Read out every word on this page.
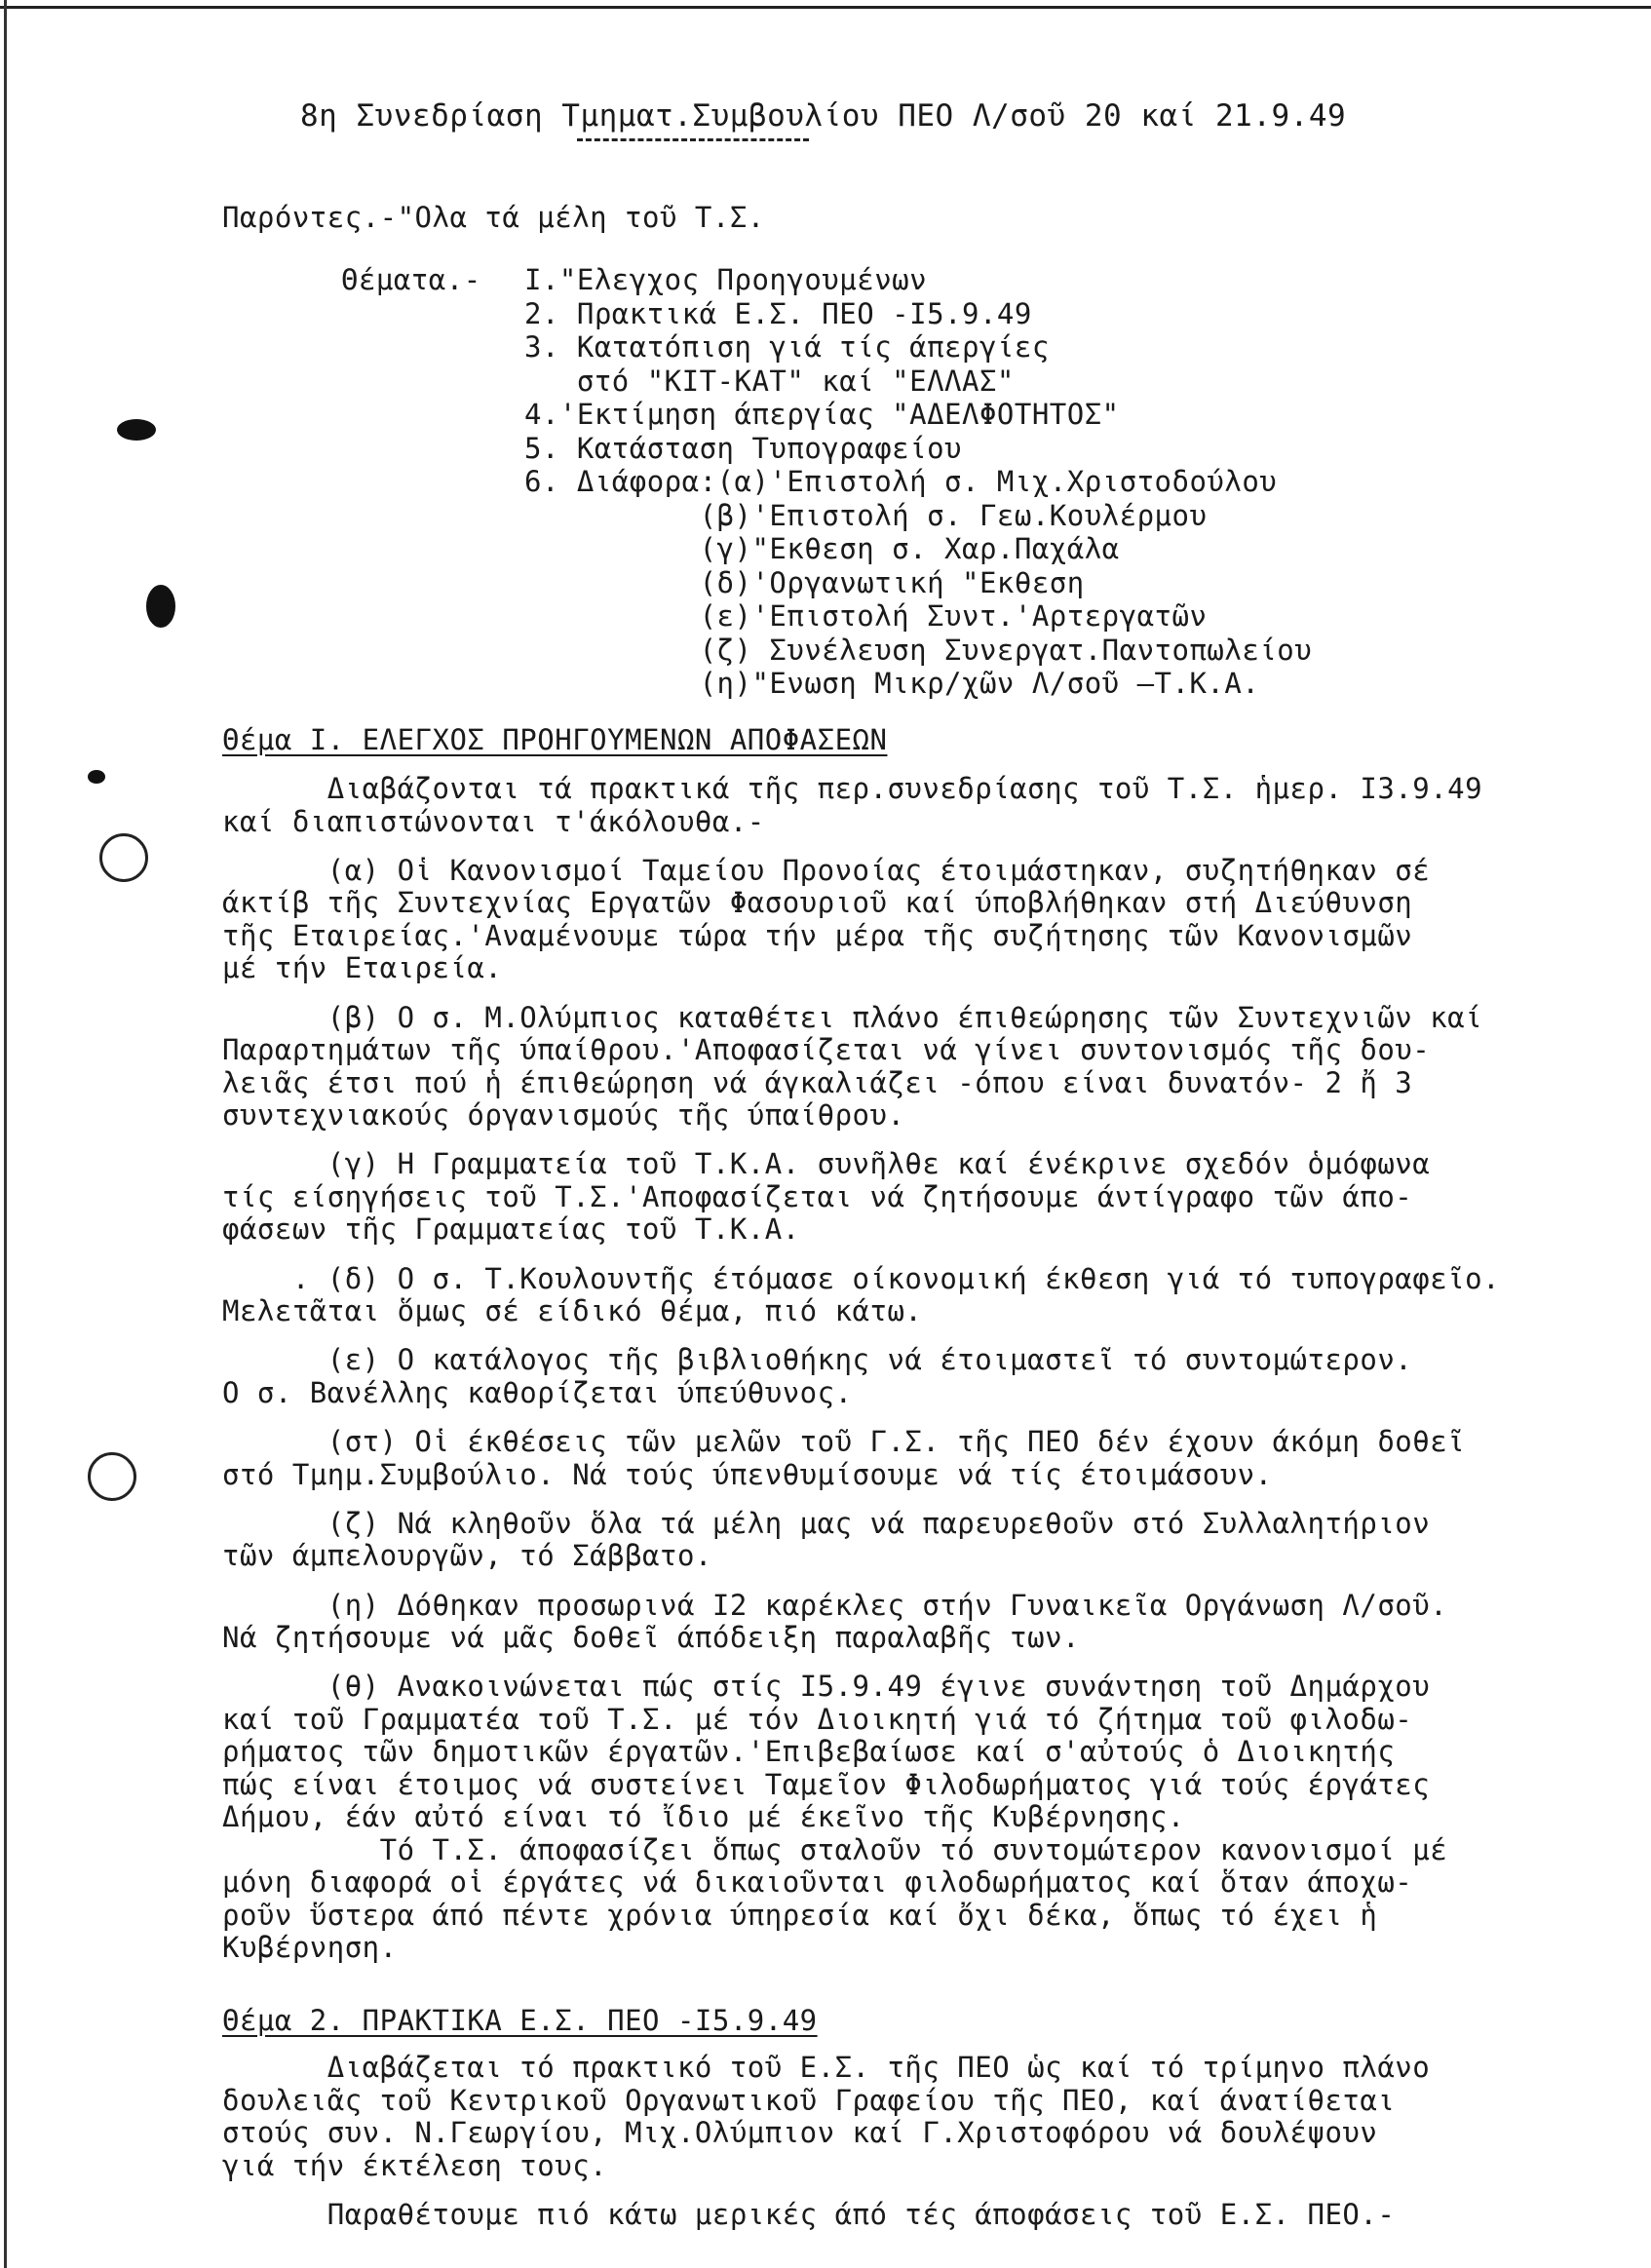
8η Συνεδρίαση Τμηματ.Συμβουλίου ΠΕΟ Λ/σοῦ 20 καί 21.9.49
Παρόντες.-"Ολα τά μέλη τοῦ Τ.Σ.
Θέματα.- Ι."Ελεγχος Προηγουμένων
2. Πρακτικά Ε.Σ. ΠΕΟ -Ι5.9.49
3. Κατατόπιση γιά τίς άπεργίες
στό "ΚΙΤ-ΚΑΤ" καί "ΕΛΛΑΣ"
4.'Εκτίμηση άπεργίας "ΑΔΕΛΦΟΤΗΤΟΣ"
5. Κατάσταση Τυπογραφείου
6. Διάφορα:(α)'Επιστολή σ. Μιχ.Χριστοδούλου
(β)'Επιστολή σ. Γεω.Κουλέρμου
(γ)"Εκθεση σ. Χαρ.Παχάλα
(δ)'Οργανωτική "Εκθεση
(ε)'Επιστολή Συντ.'Αρτεργατῶν
(ζ) Συνέλευση Συνεργατ.Παντοπωλείου
(η)"Ενωση Μικρ/χῶν Λ/σοῦ —Τ.Κ.Α.
Θέμα Ι. ΕΛΕΓΧΟΣ ΠΡΟΗΓΟΥΜΕΝΩΝ ΑΠΟΦΑΣΕΩΝ
Διαβάζονται τά πρακτικά τῆς περ.συνεδρίασης τοῦ Τ.Σ. ἡμερ. Ι3.9.49
καί διαπιστώνονται τ'άκόλουθα.-
(α) Οἱ Κανονισμοί Ταμείου Προνοίας έτοιμάστηκαν, συζητήθηκαν σέ
άκτίβ τῆς Συντεχνίας Εργατῶν Φασουριοῦ καί ύποβλήθηκαν στή Διεύθυνση
τῆς Εταιρείας.'Αναμένουμε τώρα τήν μέρα τῆς συζήτησης τῶν Κανονισμῶν
μέ τήν Εταιρεία.
(β) Ο σ. Μ.Ολύμπιος καταθέτει πλάνο έπιθεώρησης τῶν Συντεχνιῶν καί
Παραρτημάτων τῆς ύπαίθρου.'Αποφασίζεται νά γίνει συντονισμός τῆς δου-
λειᾶς έτσι πού ἡ έπιθεώρηση νά άγκαλιάζει -όπου είναι δυνατόν- 2 ἤ 3
συντεχνιακούς όργανισμούς τῆς ύπαίθρου.
(γ) Η Γραμματεία τοῦ Τ.Κ.Α. συνῆλθε καί ένέκρινε σχεδόν ὁμόφωνα
τίς είσηγήσεις τοῦ Τ.Σ.'Αποφασίζεται νά ζητήσουμε άντίγραφο τῶν άπο-
φάσεων τῆς Γραμματείας τοῦ Τ.Κ.Α.
. (δ) Ο σ. Τ.Κουλουντῆς έτόμασε οίκονομική έκθεση γιά τό τυπογραφεῖο.
Μελετᾶται ὅμως σέ είδικό θέμα, πιό κάτω.
(ε) Ο κατάλογος τῆς βιβλιοθήκης νά έτοιμαστεῖ τό συντομώτερον.
Ο σ. Βανέλλης καθορίζεται ύπεύθυνος.
(στ) Οἱ έκθέσεις τῶν μελῶν τοῦ Γ.Σ. τῆς ΠΕΟ δέν έχουν άκόμη δοθεῖ
στό Τμημ.Συμβούλιο. Νά τούς ύπενθυμίσουμε νά τίς έτοιμάσουν.
(ζ) Νά κληθοῦν ὅλα τά μέλη μας νά παρευρεθοῦν στό Συλλαλητήριον
τῶν άμπελουργῶν, τό Σάββατο.
(η) Δόθηκαν προσωρινά Ι2 καρέκλες στήν Γυναικεῖα Οργάνωση Λ/σοῦ.
Νά ζητήσουμε νά μᾶς δοθεῖ άπόδειξη παραλαβῆς των.
(θ) Ανακοινώνεται πώς στίς Ι5.9.49 έγινε συνάντηση τοῦ Δημάρχου
καί τοῦ Γραμματέα τοῦ Τ.Σ. μέ τόν Διοικητή γιά τό ζήτημα τοῦ φιλοδω-
ρήματος τῶν δημοτικῶν έργατῶν.'Επιβεβαίωσε καί σ'αὐτούς ὁ Διοικητής
πώς είναι έτοιμος νά συστείνει Ταμεῖον Φιλοδωρήματος γιά τούς έργάτες
Δήμου, έάν αὐτό είναι τό ἴδιο μέ έκεῖνο τῆς Κυβέρνησης.
Τό Τ.Σ. άποφασίζει ὅπως σταλοῦν τό συντομώτερον κανονισμοί μέ
μόνη διαφορά οἱ έργάτες νά δικαιοῦνται φιλοδωρήματος καί ὅταν άποχω-
ροῦν ὕστερα άπό πέντε χρόνια ύπηρεσία καί ὄχι δέκα, ὅπως τό έχει ἡ
Κυβέρνηση.
Θέμα 2. ΠΡΑΚΤΙΚΑ Ε.Σ. ΠΕΟ -Ι5.9.49
Διαβάζεται τό πρακτικό τοῦ Ε.Σ. τῆς ΠΕΟ ὡς καί τό τρίμηνο πλάνο
δουλειᾶς τοῦ Κεντρικοῦ Οργανωτικοῦ Γραφείου τῆς ΠΕΟ, καί άνατίθεται
στούς συν. Ν.Γεωργίου, Μιχ.Ολύμπιον καί Γ.Χριστοφόρου νά δουλέψουν
γιά τήν έκτέλεση τους.
Παραθέτουμε πιό κάτω μερικές άπό τές άποφάσεις τοῦ Ε.Σ. ΠΕΟ.-
